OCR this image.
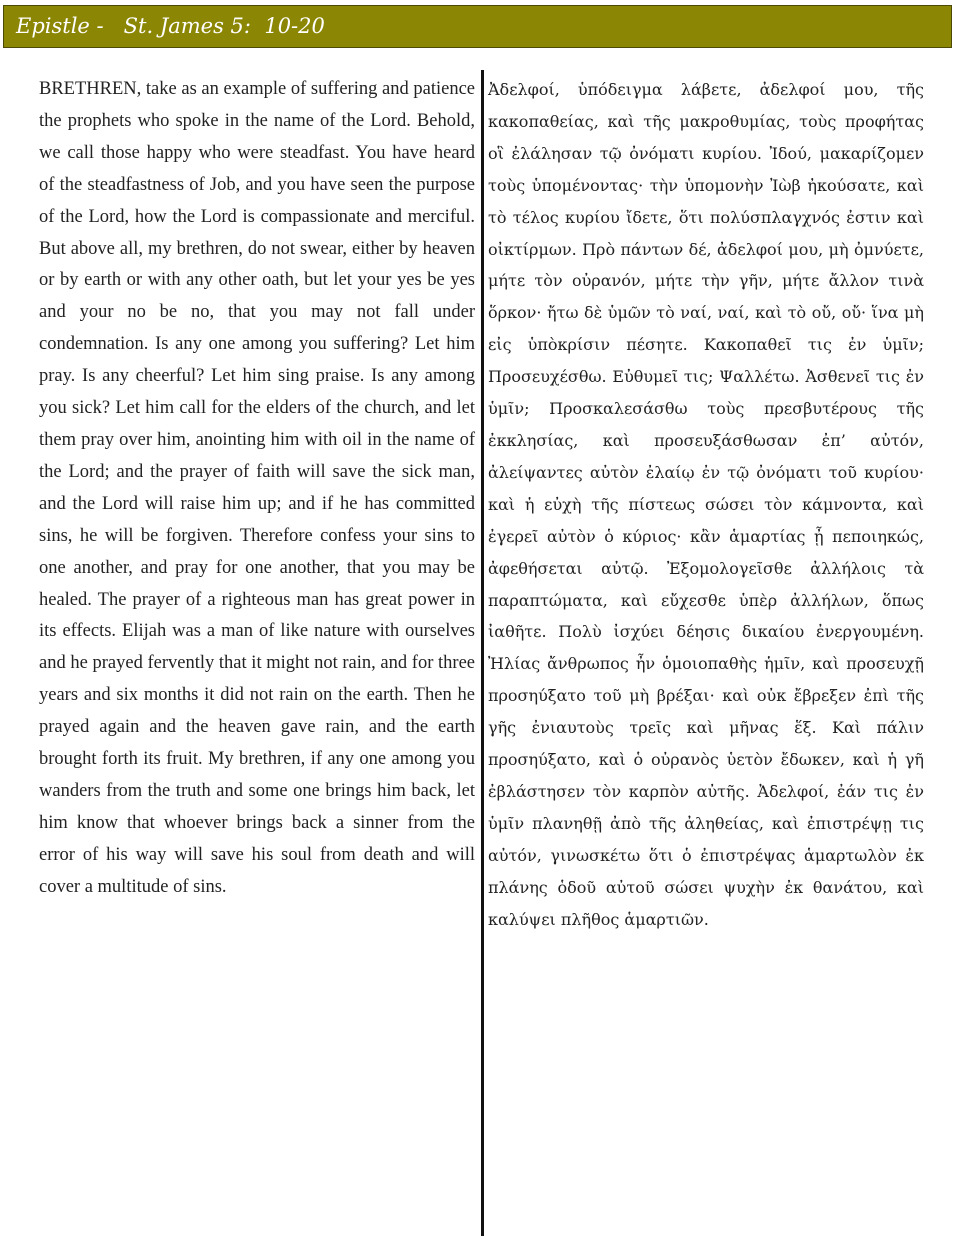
Epistle -   St. James 5:  10-20

BRETHREN, take as an example of suffering and patience the prophets who spoke in the name of the Lord. Behold, we call those happy who were steadfast. You have heard of the steadfastness of Job, and you have seen the purpose of the Lord, how the Lord is compassionate and merciful. But above all, my brethren, do not swear, either by heaven or by earth or with any other oath, but let your yes be yes and your no be no, that you may not fall under condemnation. Is any one among you suffering? Let him pray. Is any cheerful? Let him sing praise. Is any among you sick? Let him call for the elders of the church, and let them pray over him, anointing him with oil in the name of the Lord; and the prayer of faith will save the sick man, and the Lord will raise him up; and if he has committed sins, he will be forgiven. Therefore confess your sins to one another, and pray for one another, that you may be healed. The prayer of a righteous man has great power in its effects. Elijah was a man of like nature with ourselves and he prayed fervently that it might not rain, and for three years and six months it did not rain on the earth. Then he prayed again and the heaven gave rain, and the earth brought forth its fruit. My brethren, if any one among you wanders from the truth and some one brings him back, let him know that whoever brings back a sinner from the error of his way will save his soul from death and will cover a multitude of sins.

Ἀδελφοί, ὑπόδειγμα λάβετε, ἀδελφοί μου, τῆς κακοπαθείας, καὶ τῆς μακροθυμίας, τοὺς προφήτας οἳ ἐλάλησαν τῷ ὀνόματι κυρίου. Ἰδού, μακαρίζομεν τοὺς ὑπομένοντας· τὴν ὑπομονὴν Ἰὼβ ἠκούσατε, καὶ τὸ τέλος κυρίου ἴδετε, ὅτι πολύσπλαγχνός ἐστιν καὶ οἰκτίρμων. Πρὸ πάντων δέ, ἀδελφοί μου, μὴ ὀμνύετε, μήτε τὸν οὐρανόν, μήτε τὴν γῆν, μήτε ἄλλον τινὰ ὅρκον· ἤτω δὲ ὑμῶν τὸ ναί, ναί, καὶ τὸ οὔ, οὔ· ἵνα μὴ εἰς ὑπὸκρίσιν πέσητε. Κακοπαθεῖ τις ἐν ὑμῖν; Προσευχέσθω. Εὐθυμεῖ τις; Ψαλλέτω. Ἀσθενεῖ τις ἐν ὑμῖν; Προσκαλεσάσθω τοὺς πρεσβυτέρους τῆς ἐκκλησίας, καὶ προσευξάσθωσαν ἐπ’ αὐτόν, ἀλείψαντες αὐτὸν ἐλαίῳ ἐν τῷ ὀνόματι τοῦ κυρίου· καὶ ἡ εὐχὴ τῆς πίστεως σώσει τὸν κάμνοντα, καὶ ἐγερεῖ αὐτὸν ὁ κύριος· κἂν ἁμαρτίας ᾖ πεποιηκώς, ἀφεθήσεται αὐτῷ. Ἐξομολογεῖσθε ἀλλήλοις τὰ παραπτώματα, καὶ εὔχεσθε ὑπὲρ ἀλλήλων, ὅπως ἰαθῆτε. Πολὺ ἰσχύει δέησις δικαίου ἐνεργουμένη. Ἠλίας ἄνθρωπος ἦν ὁμοιοπαθὴς ἡμῖν, καὶ προσευχῇ προσηύξατο τοῦ μὴ βρέξαι· καὶ οὐκ ἔβρεξεν ἐπὶ τῆς γῆς ἐνιαυτοὺς τρεῖς καὶ μῆνας ἕξ. Καὶ πάλιν προσηύξατο, καὶ ὁ οὐρανὸς ὑετὸν ἔδωκεν, καὶ ἡ γῆ ἐβλάστησεν τὸν καρπὸν αὐτῆς. Ἀδελφοί, ἐάν τις ἐν ὑμῖν πλανηθῇ ἀπὸ τῆς ἀληθείας, καὶ ἐπιστρέψῃ τις αὐτόν, γινωσκέτω ὅτι ὁ ἐπιστρέψας ἁμαρτωλὸν ἐκ πλάνης ὁδοῦ αὐτοῦ σώσει ψυχὴν ἐκ θανάτου, καὶ καλύψει πλῆθος ἁμαρτιῶν.
